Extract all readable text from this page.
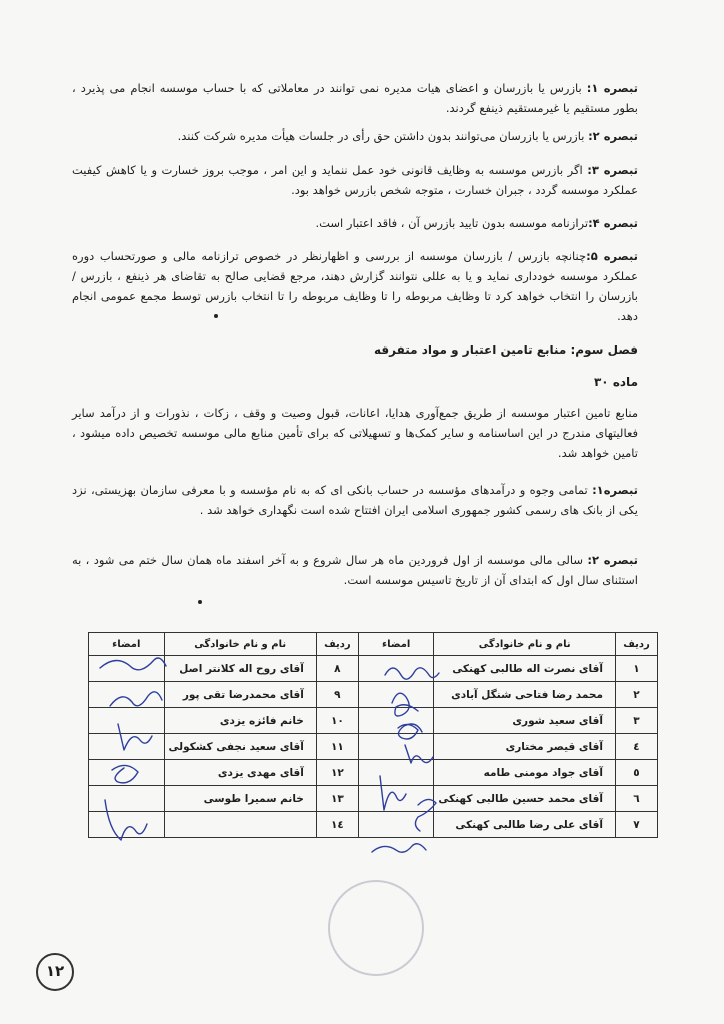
تبصره ۱: بازرس یا بازرسان و اعضای هیات مدیره نمی توانند در معاملاتی که با حساب موسسه انجام می پذیرد ، بطور مستقیم یا غیرمستقیم ذینفع گردند.
تبصره ۲: بازرس یا بازرسان می‌توانند بدون داشتن حق رأی در جلسات هیأت مدیره شرکت کنند.
تبصره ۳: اگر بازرس موسسه به وظایف قانونی خود عمل ننماید و این امر ، موجب بروز خسارت و یا کاهش کیفیت عملکرد موسسه گردد ، جبران خسارت ، متوجه شخص بازرس خواهد بود.
تبصره ۴:ترازنامه موسسه بدون تایید بازرس آن ، فاقد اعتبار است.
تبصره ۵:چنانچه بازرس / بازرسان موسسه از بررسی و اظهارنظر در خصوص ترازنامه مالی و صورتحساب دوره عملکرد موسسه خودداری نماید و یا به عللی نتوانند گزارش دهند، مرجع قضایی صالح به تقاضای هر ذینفع ، بازرس / بازرسان را انتخاب خواهد کرد تا وظایف مربوطه را تا وظایف مربوطه را تا انتخاب بازرس توسط مجمع عمومی انجام دهد.
فصل سوم: منابع تامین اعتبار و مواد متفرقه
ماده ۳۰
منابع تامین اعتبار موسسه از طریق جمع‌آوری هدایا، اعانات، قبول وصیت و وقف ، زکات ، نذورات و از درآمد سایر فعالیتهای مندرج در این اساسنامه و سایر کمک‌ها و تسهیلاتی که برای تأمین منابع مالی موسسه تخصیص داده میشود ، تامین خواهد شد.
تبصره۱: تمامی وجوه و درآمدهای مؤسسه در حساب بانکی ای که به نام مؤسسه و با معرفی سازمان بهزیستی، نزد یکی از بانک های رسمی کشور جمهوری اسلامی ایران افتتاح شده است نگهداری خواهد شد .
تبصره ۲: سالی مالی موسسه از اول فروردین ماه هر سال شروع و به آخر اسفند ماه همان سال ختم می شود ، به استثنای سال اول که ابتدای آن از تاریخ تاسیس موسسه است.
ردیف	نام و نام خانوادگی	امضاء	ردیف	نام و نام خانوادگی	امضاء
۱	آقای نصرت اله طالبی کهنکی		۸	آقای روح اله کلانتر اصل	
۲	محمد رضا فتاحی شنگل آبادی		۹	آقای محمدرضا تقی پور	
۳	آقای سعید شوری		۱۰	خانم فائزه یزدی	
٤	آقای قیصر مختاری		۱۱	آقای سعید نجفی کشکولی	
٥	آقای جواد مومنی طامه		۱۲	آقای مهدی یزدی	
٦	آقای محمد حسین طالبی کهنکی		۱۳	خانم سمیرا طوسی	
۷	آقای علی رضا طالبی کهنکی		۱٤		
۱۲
